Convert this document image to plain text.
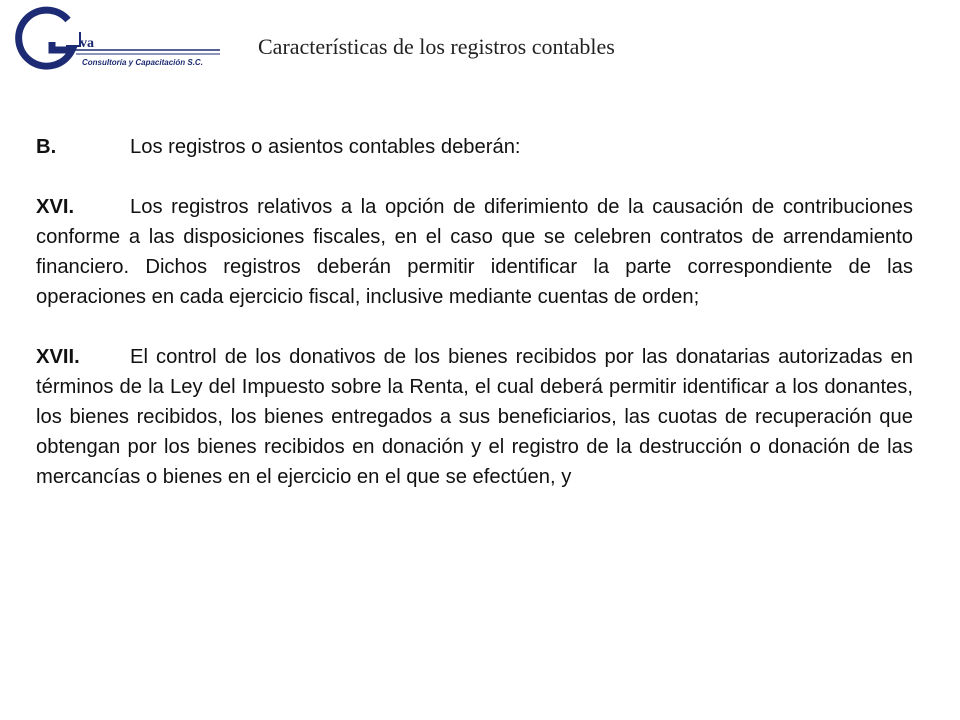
va
Consultoría y Capacitación S.C.
Características de los registros contables

B.	Los registros o asientos contables deberán:

XVI.	Los registros relativos a la opción de diferimiento de la causación de contribuciones conforme a las disposiciones fiscales, en el caso que se celebren contratos de arrendamiento financiero. Dichos registros deberán permitir identificar la parte correspondiente de las operaciones en cada ejercicio fiscal, inclusive mediante cuentas de orden;

XVII. El control de los donativos de los bienes recibidos por las donatarias autorizadas en términos de la Ley del Impuesto sobre la Renta, el cual deberá permitir identificar a los donantes, los bienes recibidos, los bienes entregados a sus beneficiarios, las cuotas de recuperación que obtengan por los bienes recibidos en donación y el registro de la destrucción o donación de las mercancías o bienes en el ejercicio en el que se efectúen, y
